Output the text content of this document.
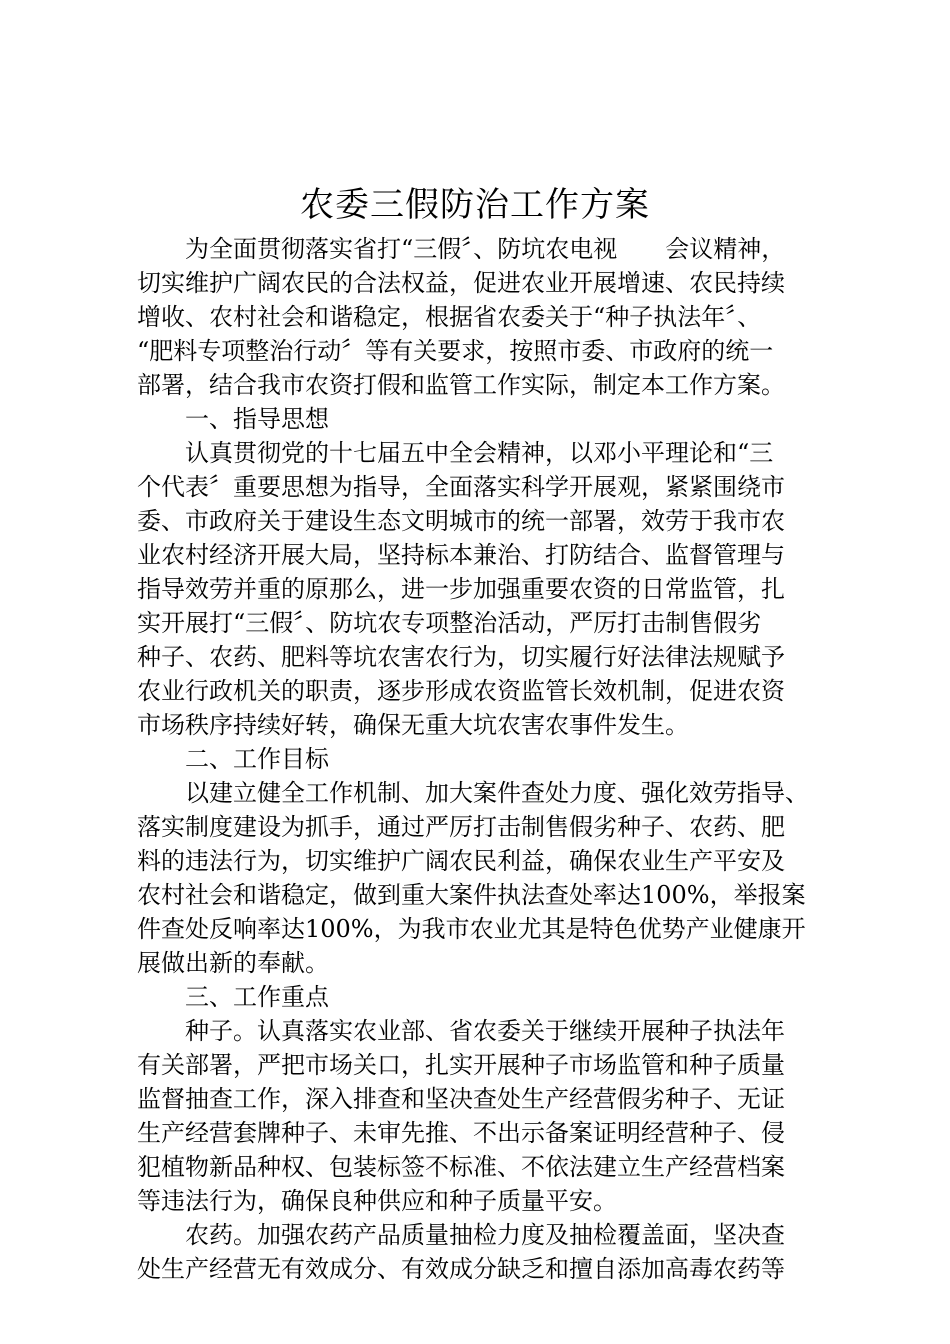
农委三假防治工作方案
为全面贯彻落实省打“三假〞、防坑农电视　　会议精神，
切实维护广阔农民的合法权益，促进农业开展增速、农民持续
增收、农村社会和谐稳定，根据省农委关于“种子执法年〞、
“肥料专项整治行动〞等有关要求，按照市委、市政府的统一
部署，结合我市农资打假和监管工作实际，制定本工作方案。
一、指导思想
认真贯彻党的十七届五中全会精神，以邓小平理论和“三
个代表〞重要思想为指导，全面落实科学开展观，紧紧围绕市
委、市政府关于建设生态文明城市的统一部署，效劳于我市农
业农村经济开展大局，坚持标本兼治、打防结合、监督管理与
指导效劳并重的原那么，进一步加强重要农资的日常监管，扎
实开展打“三假〞、防坑农专项整治活动，严厉打击制售假劣
种子、农药、肥料等坑农害农行为，切实履行好法律法规赋予
农业行政机关的职责，逐步形成农资监管长效机制，促进农资
市场秩序持续好转，确保无重大坑农害农事件发生。
二、工作目标
以建立健全工作机制、加大案件查处力度、强化效劳指导、
落实制度建设为抓手，通过严厉打击制售假劣种子、农药、肥
料的违法行为，切实维护广阔农民利益，确保农业生产平安及
农村社会和谐稳定，做到重大案件执法查处率达100%，举报案
件查处反响率达100%，为我市农业尤其是特色优势产业健康开
展做出新的奉献。
三、工作重点
种子。认真落实农业部、省农委关于继续开展种子执法年
有关部署，严把市场关口，扎实开展种子市场监管和种子质量
监督抽查工作，深入排查和坚决查处生产经营假劣种子、无证
生产经营套牌种子、未审先推、不出示备案证明经营种子、侵
犯植物新品种权、包装标签不标准、不依法建立生产经营档案
等违法行为，确保良种供应和种子质量平安。
农药。加强农药产品质量抽检力度及抽检覆盖面，坚决查
处生产经营无有效成分、有效成分缺乏和擅自添加高毒农药等
